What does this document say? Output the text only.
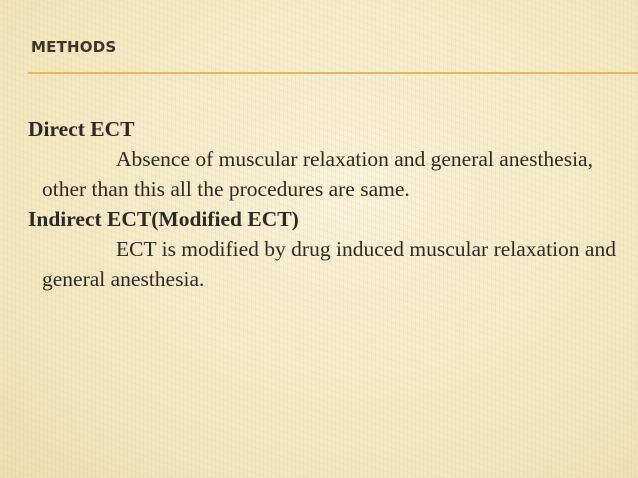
METHODS

Direct ECT

Absence of muscular relaxation and general anesthesia, other than this all the procedures are same.

Indirect ECT(Modified ECT)

ECT is modified by drug induced muscular relaxation and general anesthesia.
